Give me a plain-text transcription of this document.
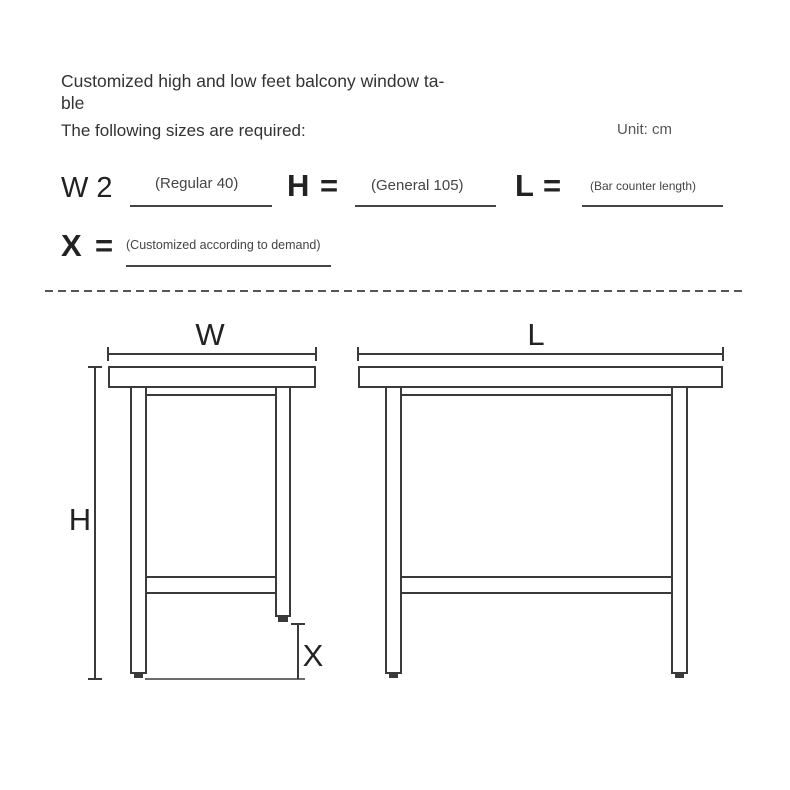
Customized high and low feet balcony window ta-
ble
The following sizes are required:	Unit: cm
W 2	(Regular 40) H = (General 105) L = (Bar counter length)
X = (Customized according to demand)
W	L
H
X
